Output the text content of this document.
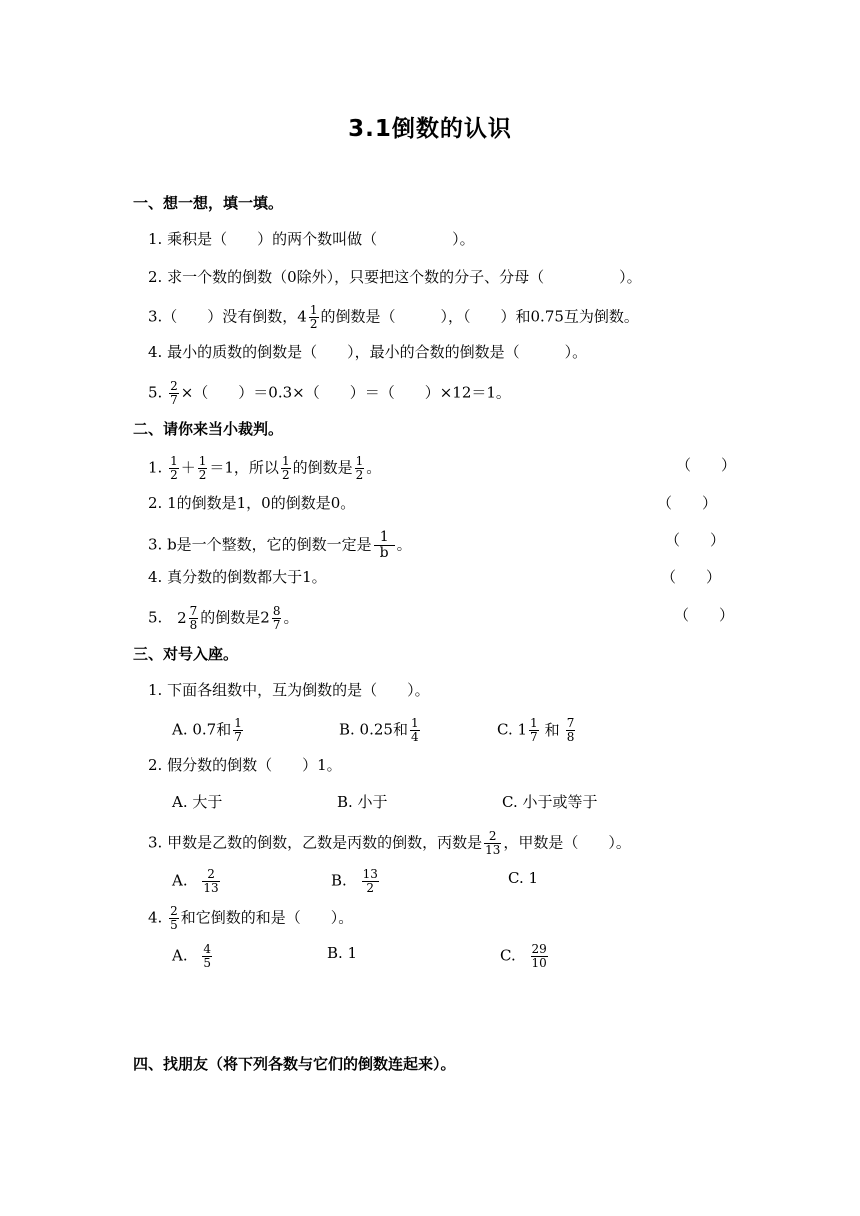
3.1倒数的认识
一、想一想，填一填。
1. 乘积是（　　）的两个数叫做（　　　　　）。
2. 求一个数的倒数（0除外），只要把这个数的分子、分母（　　　　　）。
3.（　　）没有倒数，$4 \frac{1}{2}$ 的倒数是（　　　），（　　）和0.75互为倒数。
4. 最小的质数的倒数是（　　），最小的合数的倒数是（　　　）。
5. $\frac{2}{7}$ ×（　　）＝0.3×（　　）＝（　　）×12＝1。
二、请你来当小裁判。
1. $\frac{1}{2} + \frac{1}{2} =1$，所以 $\frac{1}{2}$ 的倒数是 $\frac{1}{2}$ 。	（　　）
2. 1的倒数是1，0的倒数是0。	（　　）
3. b是一个整数，它的倒数一定是 $\frac{1}{b}$ 。	（　　）
4. 真分数的倒数都大于1。	（　　）
5. $2 \frac{7}{8}$ 的倒数是$2 \frac{8}{7}$ 。	（　　）
三、对号入座。
1. 下面各组数中，互为倒数的是（　　）。
A. 0.7和 $\frac{1}{7}$	B. 0.25和 $\frac{1}{4}$	C. $1 \frac{1}{7}$ 和 $\frac{7}{8}$
2. 假分数的倒数（　　）1。
A. 大于	B. 小于	C. 小于或等于
3. 甲数是乙数的倒数，乙数是丙数的倒数，丙数是 $\frac{2}{13}$ ，甲数是（　　）。
A. $\frac{2}{13}$	B. $\frac{13}{2}$	C. 1
4. $\frac{2}{5}$ 和它倒数的和是（　　）。
A. $\frac{4}{5}$	B. 1	C. $\frac{29}{10}$
四、找朋友（将下列各数与它们的倒数连起来）。
